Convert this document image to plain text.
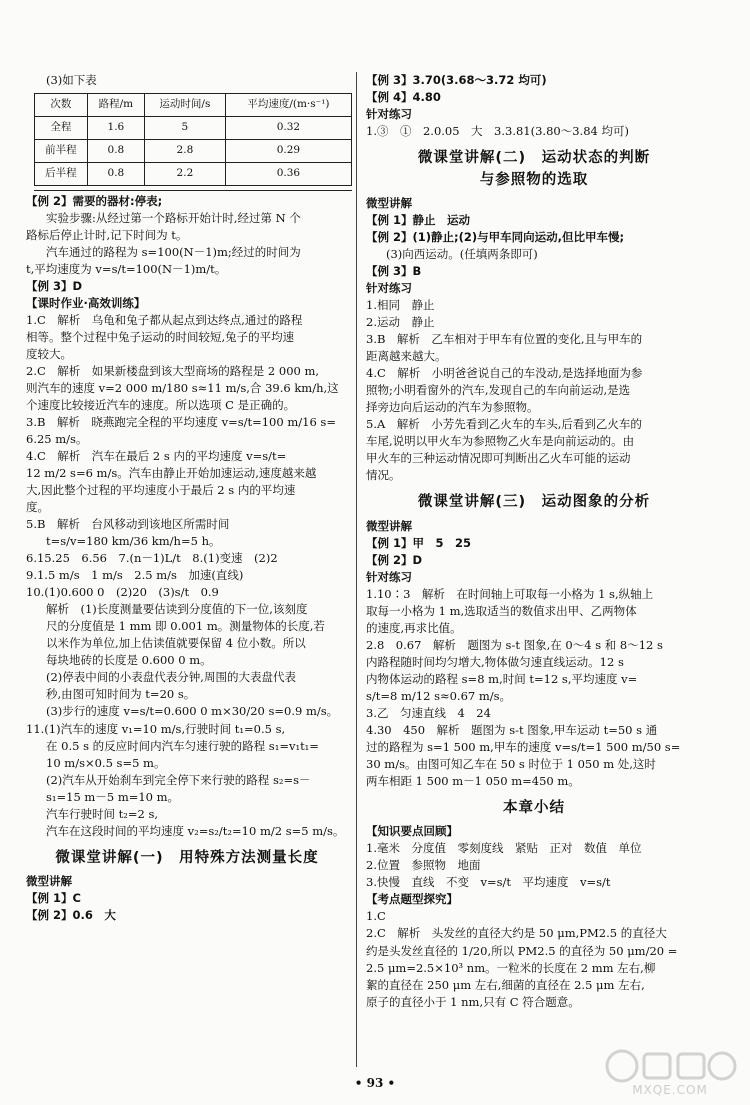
(3)如下表

次数	路程/m	运动时间/s	平均速度/(m·s⁻¹)
全程	1.6	5	0.32
前半程	0.8	2.8	0.29
后半程	0.8	2.2	0.36

【例 2】需要的器材:停表;

实验步骤:从经过第一个路标开始计时,经过第 N 个

路标后停止计时,记下时间为 t。

汽车通过的路程为 s=100(N－1)m;经过的时间为

t,平均速度为 v=s/t=100(N－1)m/t。

【例 3】D

【课时作业·高效训练】

1.C　解析　乌龟和兔子都从起点到达终点,通过的路程

相等。整个过程中兔子运动的时间较短,兔子的平均速

度较大。

2.C　解析　如果新楼盘到该大型商场的路程是 2 000 m,

则汽车的速度 v=2 000 m/180 s≈11 m/s,合 39.6 km/h,这

个速度比较接近汽车的速度。所以选项 C 是正确的。

3.B　解析　晓燕跑完全程的平均速度 v=s/t=100 m/16 s=

6.25 m/s。

4.C　解析　汽车在最后 2 s 内的平均速度 v=s/t=

12 m/2 s=6 m/s。汽车由静止开始加速运动,速度越来越

大,因此整个过程的平均速度小于最后 2 s 内的平均速

度。

5.B　解析　台风移动到该地区所需时间

t=s/v=180 km/36 km/h=5 h。

6.15.25　6.56　7.(n－1)L/t　8.(1)变速　(2)2

9.1.5 m/s　1 m/s　2.5 m/s　加速(直线)

10.(1)0.600 0　(2)20　(3)s/t　0.9

解析　(1)长度测量要估读到分度值的下一位,该刻度

尺的分度值是 1 mm 即 0.001 m。测量物体的长度,若

以米作为单位,加上估读值就要保留 4 位小数。所以

每块地砖的长度是 0.600 0 m。

(2)停表中间的小表盘代表分钟,周围的大表盘代表

秒,由图可知时间为 t=20 s。

(3)步行的速度 v=s/t=0.600 0 m×30/20 s=0.9 m/s。

11.(1)汽车的速度 v₁=10 m/s,行驶时间 t₁=0.5 s,

在 0.5 s 的反应时间内汽车匀速行驶的路程 s₁=v₁t₁=

10 m/s×0.5 s=5 m。

(2)汽车从开始刹车到完全停下来行驶的路程 s₂=s－

s₁=15 m－5 m=10 m。

汽车行驶时间 t₂=2 s,

汽车在这段时间的平均速度 v₂=s₂/t₂=10 m/2 s=5 m/s。

微课堂讲解(一)　用特殊方法测量长度

微型讲解

【例 1】C

【例 2】0.6　大

【例 3】3.70(3.68～3.72 均可)

【例 4】4.80

针对练习

1.③　①　2.0.05　大　3.3.81(3.80～3.84 均可)

微课堂讲解(二)　运动状态的判断
与参照物的选取

微型讲解

【例 1】静止　运动

【例 2】(1)静止;(2)与甲车同向运动,但比甲车慢;

(3)向西运动。(任填两条即可)

【例 3】B

针对练习

1.相同　静止

2.运动　静止

3.B　解析　乙车相对于甲车有位置的变化,且与甲车的

距离越来越大。

4.C　解析　小明爸爸说自己的车没动,是选择地面为参

照物;小明看窗外的汽车,发现自己的车向前运动,是选

择旁边向后运动的汽车为参照物。

5.A　解析　小芳先看到乙火车的车头,后看到乙火车的

车尾,说明以甲火车为参照物乙火车是向前运动的。由

甲火车的三种运动情况即可判断出乙火车可能的运动

情况。

微课堂讲解(三)　运动图象的分析

微型讲解

【例 1】甲　5　25

【例 2】D

针对练习

1.10∶3　解析　在时间轴上可取每一小格为 1 s,纵轴上

取每一小格为 1 m,选取适当的数值求出甲、乙两物体

的速度,再求比值。

2.8　0.67　解析　题图为 s-t 图象,在 0～4 s 和 8～12 s

内路程随时间均匀增大,物体做匀速直线运动。12 s

内物体运动的路程 s=8 m,时间 t=12 s,平均速度 v=

s/t=8 m/12 s≈0.67 m/s。

3.乙　匀速直线　4　24

4.30　450　解析　题图为 s-t 图象,甲车运动 t=50 s 通

过的路程为 s=1 500 m,甲车的速度 v=s/t=1 500 m/50 s=

30 m/s。由图可知乙车在 50 s 时位于 1 050 m 处,这时

两车相距 1 500 m－1 050 m=450 m。

本章小结

【知识要点回顾】

1.毫米　分度值　零刻度线　紧贴　正对　数值　单位

2.位置　参照物　地面

3.快慢　直线　不变　v=s/t　平均速度　v=s/t

【考点题型探究】

1.C

2.C　解析　头发丝的直径大约是 50 μm,PM2.5 的直径大

约是头发丝直径的 1/20,所以 PM2.5 的直径为 50 μm/20 =

2.5 μm=2.5×10³ nm。一粒米的长度在 2 mm 左右,柳

絮的直径在 250 μm 左右,细菌的直径在 2.5 μm 左右,

原子的直径小于 1 nm,只有 C 符合题意。

• 93 •	MXQE.COM
